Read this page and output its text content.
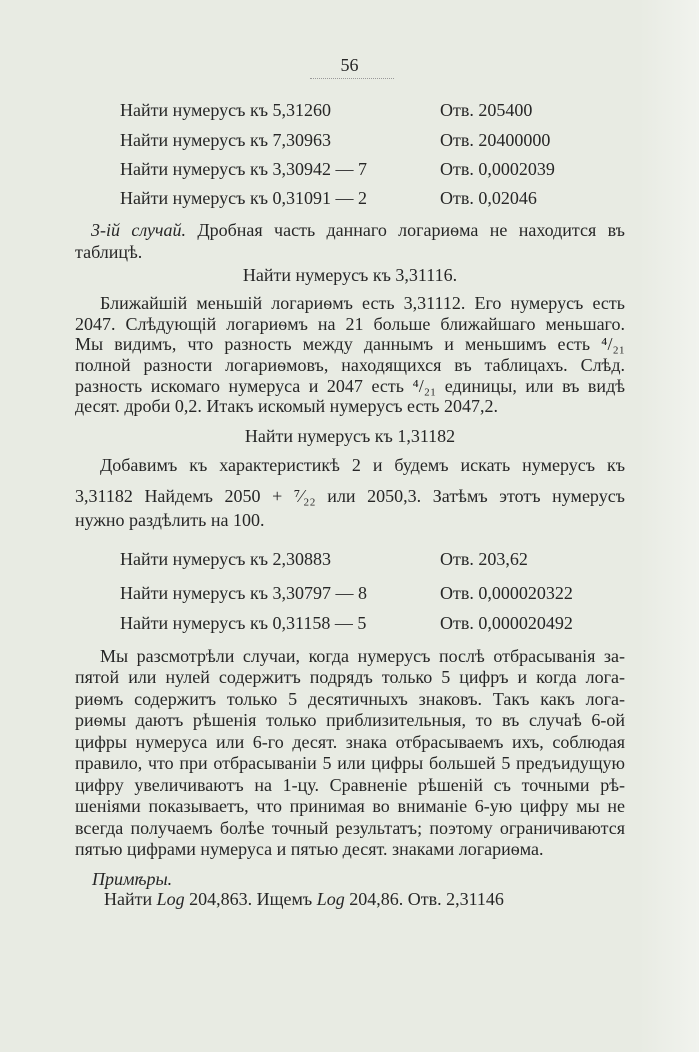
56
3-ій случай. Дробная часть даннаго логариѳма не находится въ
таблицѣ.
Найти нумерусъ къ 3,31116.
Найти нумерусъ къ 1,31182
Примѣры.
Найти Log 204,863. Ищемъ Log 204,86. Отв. 2,31146
Найти нумерусъ къ 5,31260	Отв. 205400
Найти нумерусъ къ 7,30963	Отв. 20400000
Найти нумерусъ къ 3,30942 — 7	Отв. 0,0002039
Найти нумерусъ къ 0,31091 — 2	Отв. 0,02046
Ближайшій меньшій логариѳмъ есть 3,31112. Его нумерусъ есть
2047. Слѣдующій логариѳмъ на 21 больше ближайшаго меньшаго.
Мы видимъ, что разность между даннымъ и меньшимъ есть ⁴/₂₁
полной разности логариѳмовъ, находящихся въ таблицахъ. Слѣд.
разность искомаго нумеруса и 2047 есть ⁴/₂₁ единицы, или въ видѣ
десят. дроби 0,2. Итакъ искомый нумерусъ есть 2047,2.
Добавимъ къ характеристикѣ 2 и будемъ искать нумерусъ къ
3,31182 Найдемъ 2050 + ⁷⁄₂₂ или 2050,3. Затѣмъ этотъ нумерусъ
нужно раздѣлить на 100.
Найти нумерусъ къ 2,30883	Отв. 203,62
Найти нумерусъ къ 3,30797 — 8	Отв. 0,000020322
Найти нумерусъ къ 0,31158 — 5	Отв. 0,000020492
Мы разсмотрѣли случаи, когда нумерусъ послѣ отбрасыванія за-
пятой или нулей содержитъ подрядъ только 5 цифръ и когда лога-
риѳмъ содержитъ только 5 десятичныхъ знаковъ. Такъ какъ лога-
риѳмы даютъ рѣшенія только приблизительныя, то въ случаѣ 6-ой
цифры нумеруса или 6-го десят. знака отбрасываемъ ихъ, соблюдая
правило, что при отбрасываніи 5 или цифры большей 5 предъидущую
цифру увеличиваютъ на 1-цу. Сравненіе рѣшеній съ точными рѣ-
шеніями показываетъ, что принимая во вниманіе 6-ую цифру мы не
всегда получаемъ болѣе точный результатъ; поэтому ограничиваются
пятью цифрами нумеруса и пятью десят. знаками логариѳма.
